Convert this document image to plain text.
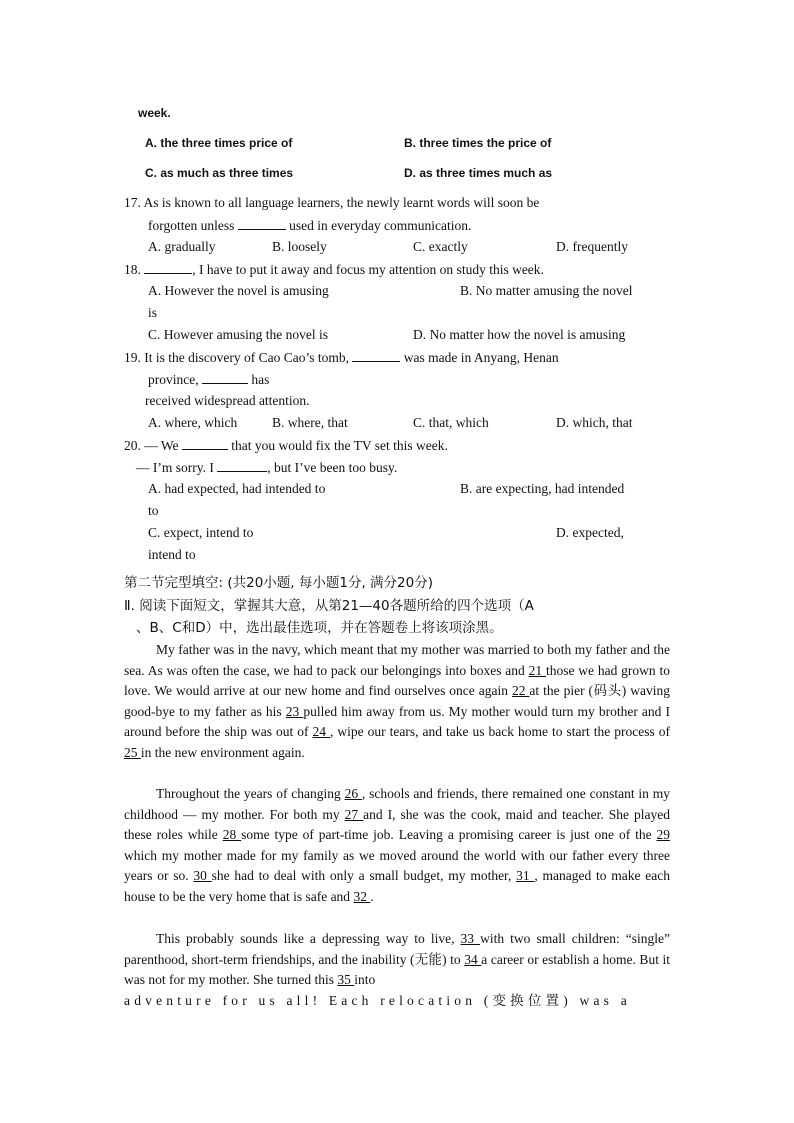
week.
A. the three times price of	B. three times the price of
C. as much as three times	D. as three times much as
17. As is known to all language learners, the newly learnt words will soon be
forgotten unless	used in everyday communication.
A. gradually	B. loosely	C. exactly	D. frequently
18.	, I have to put it away and focus my attention on study this week.
A. However the novel is amusing	B. No matter amusing the novel
is
C. However amusing the novel is	D. No matter how the novel is amusing
19. It is the discovery of Cao Cao’s tomb,	was made in Anyang, Henan
province,	has
received widespread attention.
A. where, which	B. where, that	C. that, which	D. which, that
20. — We	that you would fix the TV set this week.
— I’m sorry. I	, but I’ve been too busy.
A. had expected, had intended to	B. are expecting, had intended
to
C. expect, intend to	D. expected,
intend to
第二节完型填空: (共20小题, 每小题1分, 满分20分)
Ⅱ. 阅读下面短文，掌握其大意，从第21—40各题所给的四个选项（A
、B、C和D）中，选出最佳选项，并在答题卷上将该项涂黑。
My father was in the navy, which meant that my mother was married to both my father and the sea. As was often the case, we had to pack our belongings into boxes and 21 those we had grown to love. We would arrive at our new home and find ourselves once again 22 at the pier (码头) waving good-bye to my father as his 23 pulled him away from us. My mother would turn my brother and I around before the ship was out of 24 , wipe our tears, and take us back home to start the process of 25 in the new environment again.
Throughout the years of changing 26 , schools and friends, there remained one constant in my childhood — my mother. For both my 27 and I, she was the cook, maid and teacher. She played these roles while 28 some type of part-time job. Leaving a promising career is just one of the 29 which my mother made for my family as we moved around the world with our father every three years or so. 30 she had to deal with only a small budget, my mother, 31 , managed to make each house to be the very home that is safe and 32 .
This probably sounds like a depressing way to live, 33 with two small children: “single” parenthood, short-term friendships, and the inability (无能) to 34 a career or establish a home. But it was not for my mother. She turned this 35 into
adventure for us all! Each relocation (变换位置) was a
